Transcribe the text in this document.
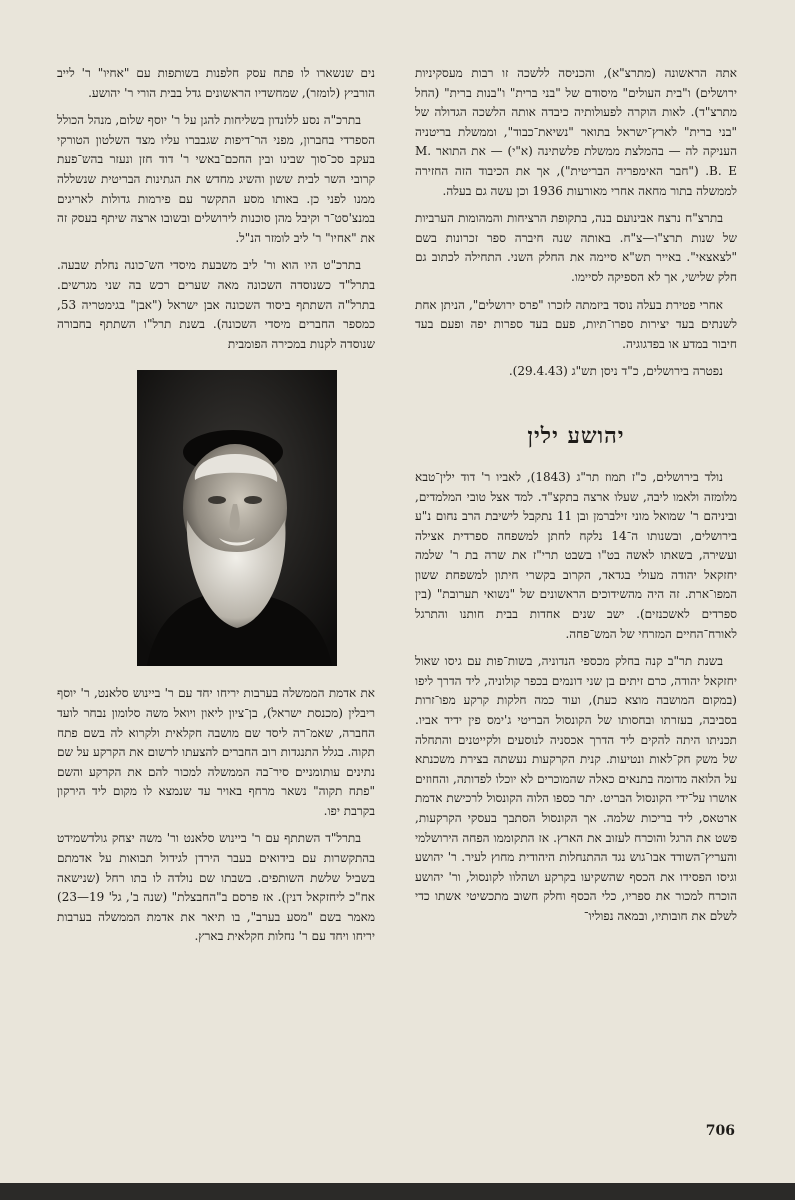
אתה הראשונה (מתרצ"א), והכניסה ללשכה זו רבות מעסקיניות ירושלים) ו"בית העולים" מיסודם של "בני ברית" ו"בנות ברית" (החל מתרצ"ד). לאות הוקרה לפעולותיה כיבדה אותה הלשכה הגדולה של "בני ברית" לארץ־ישראל בתואר "נשיאת־כבוד", וממשלת בריטניה העניקה לה — בהמלצת ממשלת פלשתינה (א"י) — את התואר M. B. E. ("חבר האימפריה הבריטית"), אך את הכיבוד הזה החזירה לממשלה בתור מחאה אחרי מאורעות 1936 וכן עשה גם בעלה.

בתרצ"ח נרצח אבינועם בנה, בתקופת הרציחות והמהומות הערביות של שנות תרצ"ו—צ"ח. באותה שנה חיברה ספר זכרונות בשם "לצאצאי". באייר תש"א סיימה את החלק השני. התחילה לכתוב גם חלק שלישי, אך לא הספיקה לסיימו.

אחרי פטירת בעלה נוסד ביזמתה לזכרו "פרס ירושלים", הניתן אחת לשנתים בעד יצירות ספרו־תיות, פעם בעד ספרות יפה ופעם בעד חיבור במדע או בפדגוגיה.

נפטרה בירושלים, כ"ד ניסן תש"ג (29.4.43).

יהושע ילין

נולד בירושלים, כ"ז תמוז תר"ג (1843), לאביו ר' דוד ילין־טבא מלומזה ולאמו ליבה, שעלו ארצה בתקצ"ד. למד אצל טובי המלמדים, וביניהם ר' שמואל מוני זילברמן ובן 11 נתקבל לישיבת הרב נחום נ"ע בירושלים, ובשנותו ה־14 נלקח לחתן למשפחה ספרדית אצילה ועשירה, בשאתו לאשה בט"ו בשבט תרי"ז את שרה בת ר' שלמה יחזקאל יהודה מעולי בגדאד, הקרוב בקשרי חיתון למשפחת ששון המפו־ארת. זה היה מהשידוכים הראשונים של "נשואי תערובת" (בין ספרדים לאשכנזים). ישב שנים אחדות בבית חותנו והתרגל לאורח־החיים המזרחי של המש־פחה.

בשנת תר"ב קנה בחלק מכספי הנדוניה, בשות־פות עם גיסו שאול יחזקאל יהודה, כרם זיתים בן שני דונמים בכפר קולוניה, ליד הדרך ליפו (במקום המושבה מוצא כעת), ועוד כמה חלקות קרקע מפו־זרות בסביבה, בעזרתו ובחסותו של הקונסול הבריטי ג'ימס פין ידיד אביו. תכניתו היתה להקים ליד הדרך אכסניה לנוסעים ולקייטנים והתחלה של משק חק־לאות ונטיעות. קנית הקרקעות נעשתה בצירת משכנתא על הלואה מדומה בתנאים כאלה שהמוכרים לא יוכלו לפדותה, והחוזים אושרו על־ידי הקונסול הבריט. יתר כספו הלוה הקונסול לרכישת אדמת ארטאס, ליד בריכות שלמה. אך הקונסול הסתבך בעסקי הקרקעות, פשט את הרגל והוכרח לעזוב את הארץ. אז התקוממו הפחה הירושלמי והעריץ־השודד אבו־גוש נגד ההתנחלות היהודית מחוץ לעיר. ר' יהושע וגיסו הפסידו את הכסף שהשקיעו בקרקע ושהלוו לקונסול, ור' יהושע הוכרח למכור את ספריו, כלי הכסף וחלק חשוב מתכשיטי אשתו כדי לשלם את חובותיו, ובמאה נפוליו־

נים שנשארו לו פתח עסק חלפנות בשותפות עם "אחיו" ר' לייב הורביץ (לומזר), שמחשדיו הראשונים גדל בבית הורי ר' יהושע.

בתרכ"ה נסע ללונדון בשליחות להגן על ר' יוסף שלום, מנהל הכולל הספרדי בחברון, מפני הר־דיפות שגבברו עליו מצד השלטון הטורקי בעקב סכ־סוך שבינו ובין החכם־באשי ר' דוד חזן ונעזר בהש־פעת קרובי השר לבית ששון והשיג מחדש את הגתינות הבריטית שנשללה ממנו לפני כן. באותו מסע התקשר עם פירמות גדולות לאריגים במנצ'סט־ר וקיבל מהן סוכנות לירושלים ובשובו ארצה שיתף בעסק זה את "אחיו" ר' ליב לומזר הנ"ל.

בתרכ"ט היו הוא ור' ליב משבעת מיסדי הש־כונה נחלת שבעה. בתרל"ד כשנוסדה השכונה מאה שערים רכש בה שני מגרשים. בתרל"ה השתתף ביסוד השכונה אבן ישראל ("אבן" בגימטריה 53, כמספר החברים מיסדי השכונה). בשנת תרל"ו השתתף בחבורה שנוסדה לקנות במכירה הפומבית

את אדמת הממשלה בערבות יריחו יחד עם ר' ביינוש סלאנט, ר' יוסף ריבלין (מכנסת ישראל), בן־ציון ליאון ויואל משה סלומון נבחר לועד החברה, שאמ־רה ליסד שם מושבה חקלאית ולקרוא לה בשם פתח תקוה. בגלל התנגדות רוב החברים להצעתו לרשום את הקרקע על שם נתינים עותומניים סיר־בה הממשלה למכור להם את הקרקע והשם "פתח תקוה" נשאר מרחף באויר עד שנמצא לו מקום ליד הירקון בקרבת יפו.

בתרל"ד השתתף עם ר' ביינוש סלאנט ור' משה יצחק גולדשמידט בהתקשרות עם בידואים בעבר הירדן לגידול תבואות על אדמתם בשביל שלשת השותפים. בשבתו שם נולדה לו בתו רחל (שנישאה אח"כ ליחזקאל דנין). אז פרסם ב"החבצלת" (שנה ב', גל' 19—23) מאמר בשם "מסע בערב", בו תיאר את אדמת הממשלה בערבות יריחו ויחד עם ר' נחלות חקלאית בארץ.

706
